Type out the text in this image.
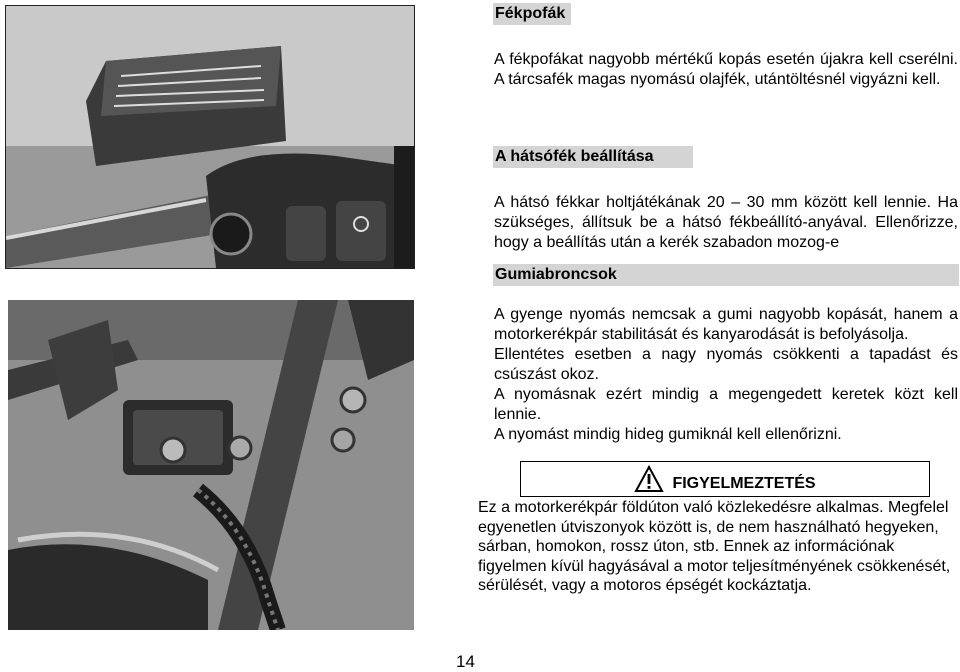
Fékpofák
A fékpofákat nagyobb mértékű kopás esetén újakra kell cserélni. A tárcsafék magas nyomású olajfék, utántöltésnél vigyázni kell.
A hátsófék beállítása
A hátsó fékkar holtjátékának 20 – 30 mm között kell lennie. Ha szükséges, állítsuk be a hátsó fékbeállító-anyával. Ellenőrizze, hogy a beállítás után a kerék szabadon mozog-e
Gumiabroncsok

A gyenge nyomás nemcsak a gumi nagyobb kopását, hanem a motorkerékpár stabilitását és kanyarodását is befolyásolja.

Ellentétes esetben a nagy nyomás csökkenti a tapadást és csúszást okoz.

A nyomásnak ezért mindig a megengedett keretek közt kell lennie.

A nyomást mindig hideg gumiknál kell ellenőrizni.

FIGYELMEZTETÉS
Ez a motorkerékpár földúton való közlekedésre alkalmas. Megfelel egyenetlen útviszonyok között is, de nem használható hegyeken, sárban, homokon, rossz úton, stb. Ennek az információnak figyelmen kívül hagyásával a motor teljesítményének csökkenését, sérülését, vagy a motoros épségét kockáztatja.
14
